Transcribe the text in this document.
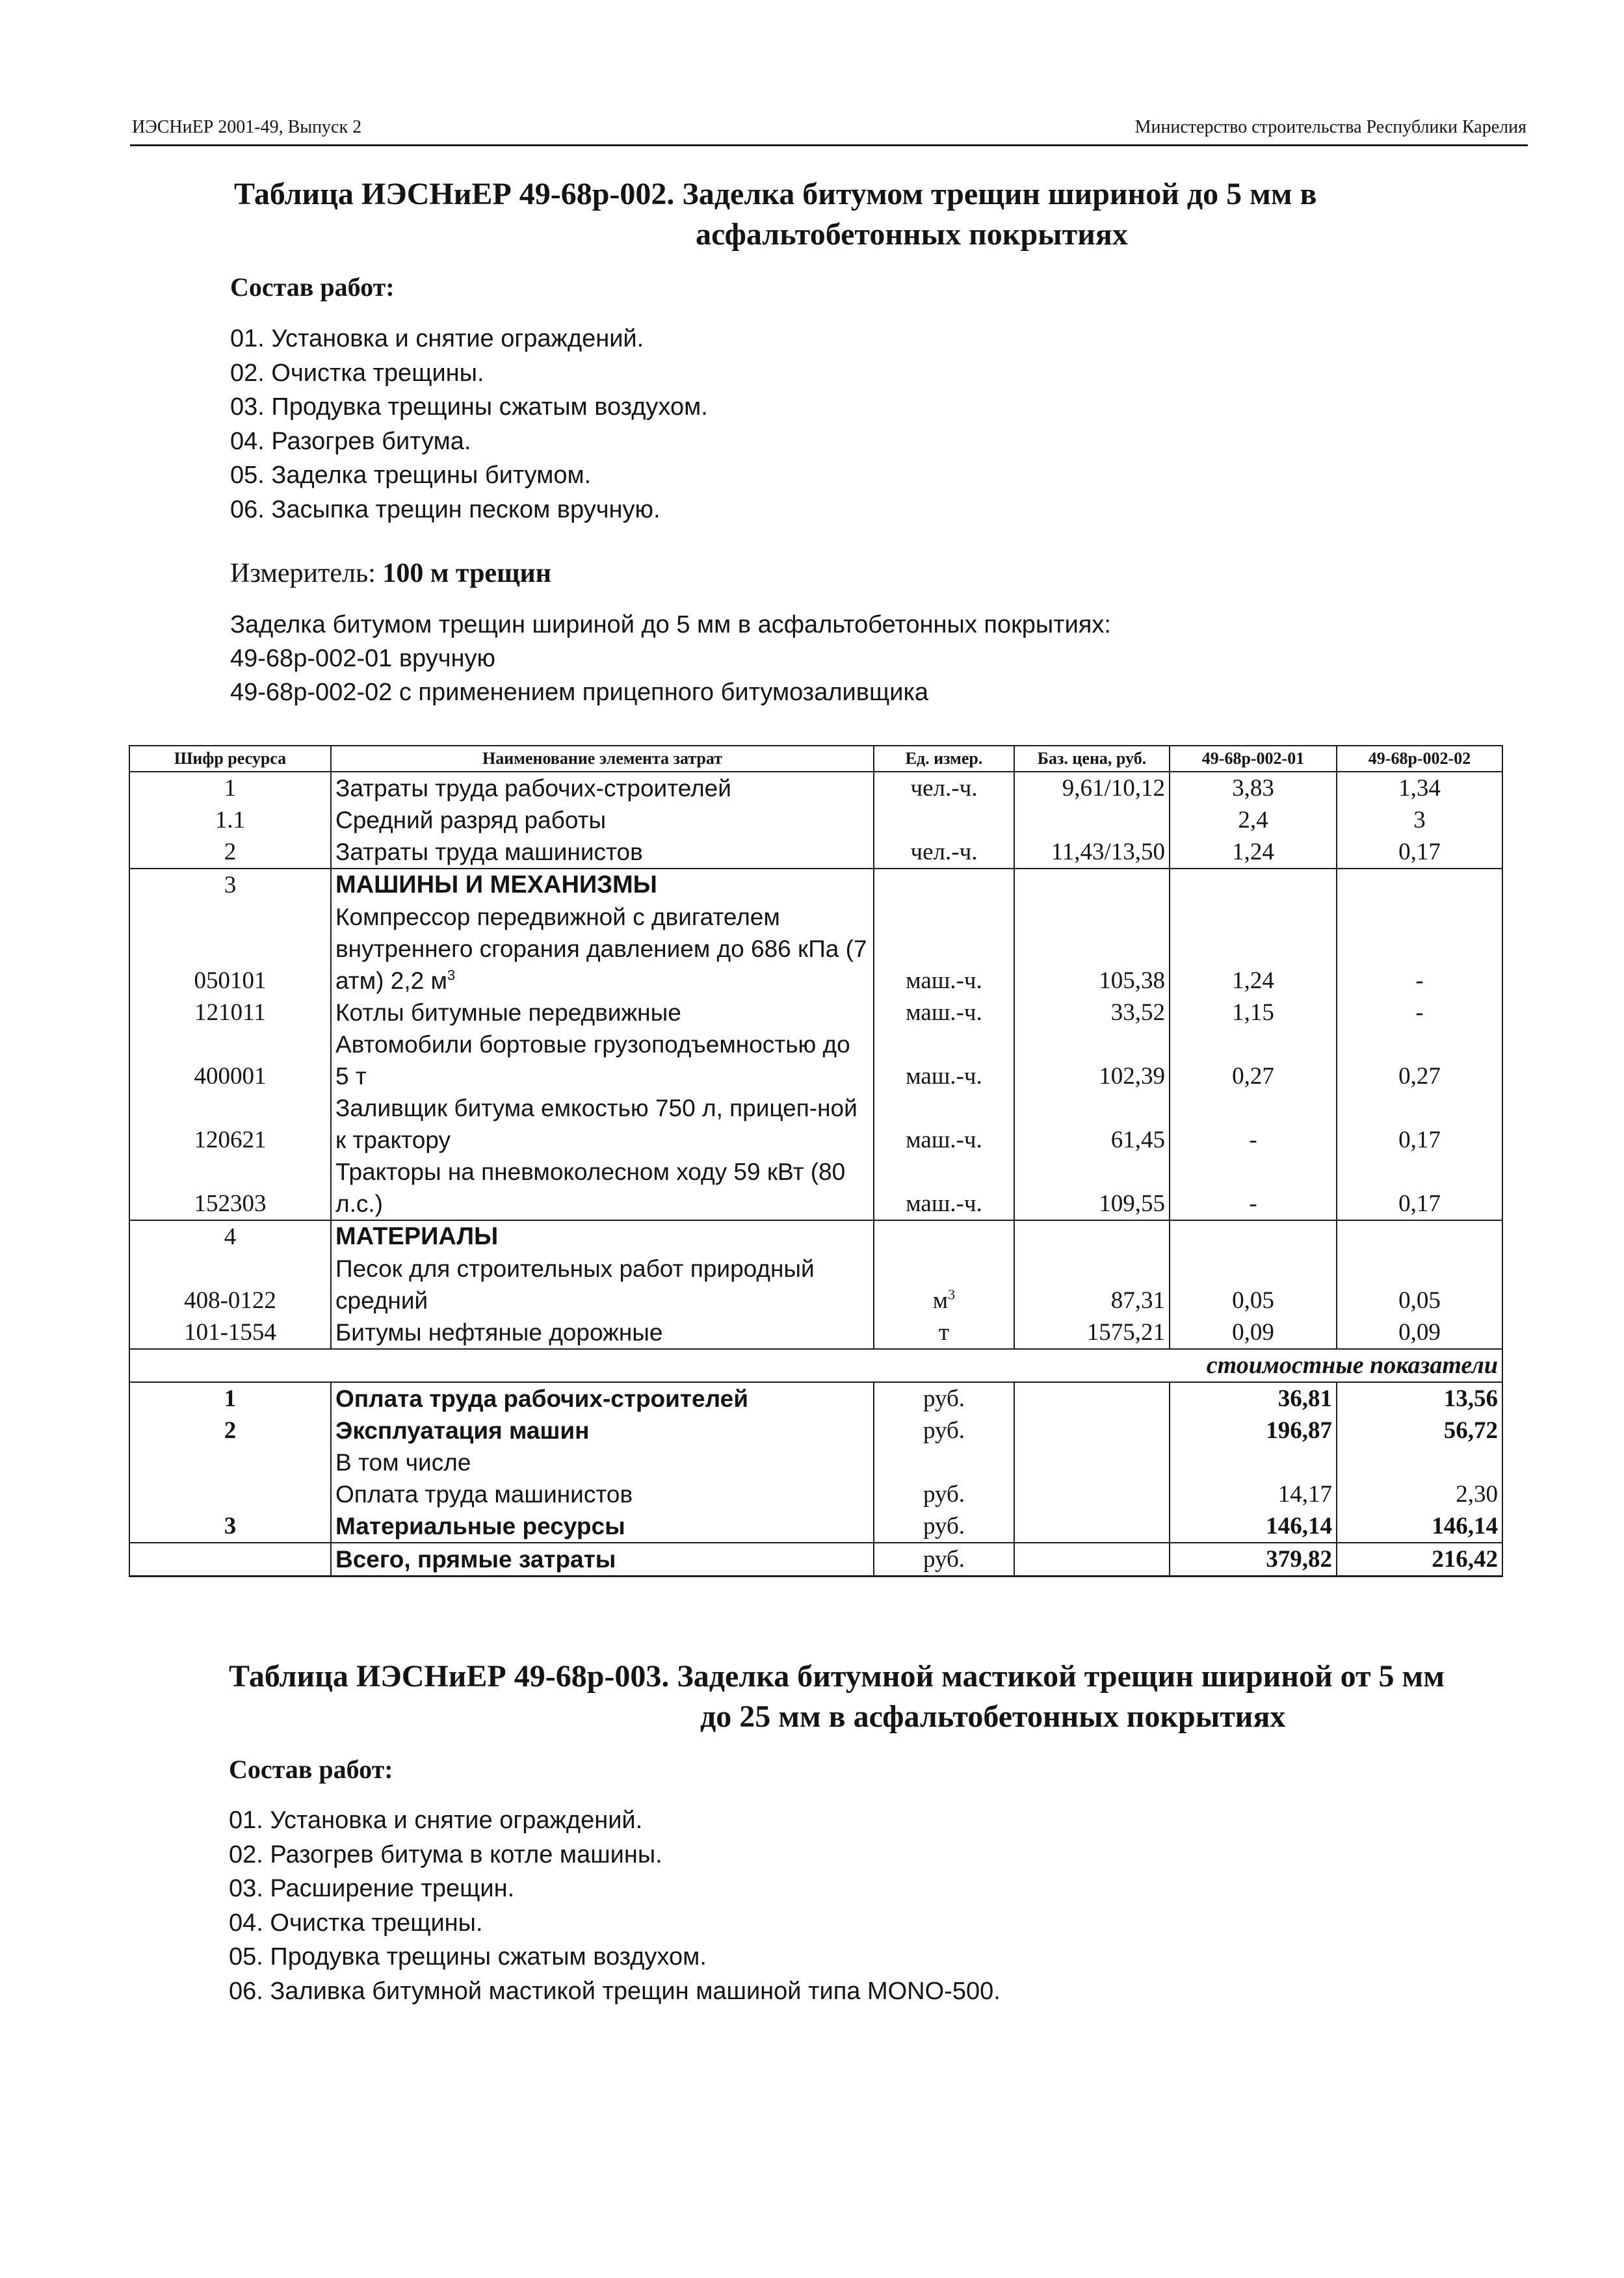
ИЭСНиЕР 2001-49, Выпуск 2	Министерство строительства Республики Карелия
Таблица ИЭСНиЕР 49-68р-002. Заделка битумом трещин шириной до 5 мм в
асфальтобетонных покрытиях
Состав работ:
01. Установка и снятие ограждений.
02. Очистка трещины.
03. Продувка трещины сжатым воздухом.
04. Разогрев битума.
05. Заделка трещины битумом.
06. Засыпка трещин песком вручную.
Измеритель: 100 м трещин
Заделка битумом трещин шириной до 5 мм в асфальтобетонных покрытиях:
49-68р-002-01 вручную
49-68р-002-02 с применением прицепного битумозаливщика
Шифр ресурса	Наименование элемента затрат	Ед. измер.	Баз. цена, руб.	49-68р-002-01	49-68р-002-02
1	Затраты труда рабочих-строителей	чел.-ч.	9,61/10,12	3,83	1,34
1.1	Средний разряд работы			2,4	3
2	Затраты труда машинистов	чел.-ч.	11,43/13,50	1,24	0,17
3	МАШИНЫ И МЕХАНИЗМЫ				
050101	Компрессор передвижной с двигателем внутреннего сгорания давлением до 686 кПа (7 атм) 2,2 $м^3$	маш.-ч.	105,38	1,24	-
121011	Котлы битумные передвижные	маш.-ч.	33,52	1,15	-
400001	Автомобили бортовые грузоподъемностью до 5 т	маш.-ч.	102,39	0,27	0,27
120621	Заливщик битума емкостью 750 л, прицеп-ной к трактору	маш.-ч.	61,45	-	0,17
152303	Тракторы на пневмоколесном ходу 59 кВт (80 л.с.)	маш.-ч.	109,55	-	0,17
4	МАТЕРИАЛЫ				
408-0122	Песок для строительных работ природный средний	$м^3$	87,31	0,05	0,05
101-1554	Битумы нефтяные дорожные	т	1575,21	0,09	0,09
стоимостные показатели					
1	Оплата труда рабочих-строителей	руб.		36,81	13,56
2	Эксплуатация машин	руб.		196,87	56,72
	В том числе				
	Оплата труда машинистов	руб.		14,17	2,30
3	Материальные ресурсы	руб.		146,14	146,14
	Всего, прямые затраты	руб.		379,82	216,42
Таблица ИЭСНиЕР 49-68р-003. Заделка битумной мастикой трещин шириной от 5 мм
до 25 мм в асфальтобетонных покрытиях
Состав работ:
01. Установка и снятие ограждений.
02. Разогрев битума в котле машины.
03. Расширение трещин.
04. Очистка трещины.
05. Продувка трещины сжатым воздухом.
06. Заливка битумной мастикой трещин машиной типа MONO-500.
